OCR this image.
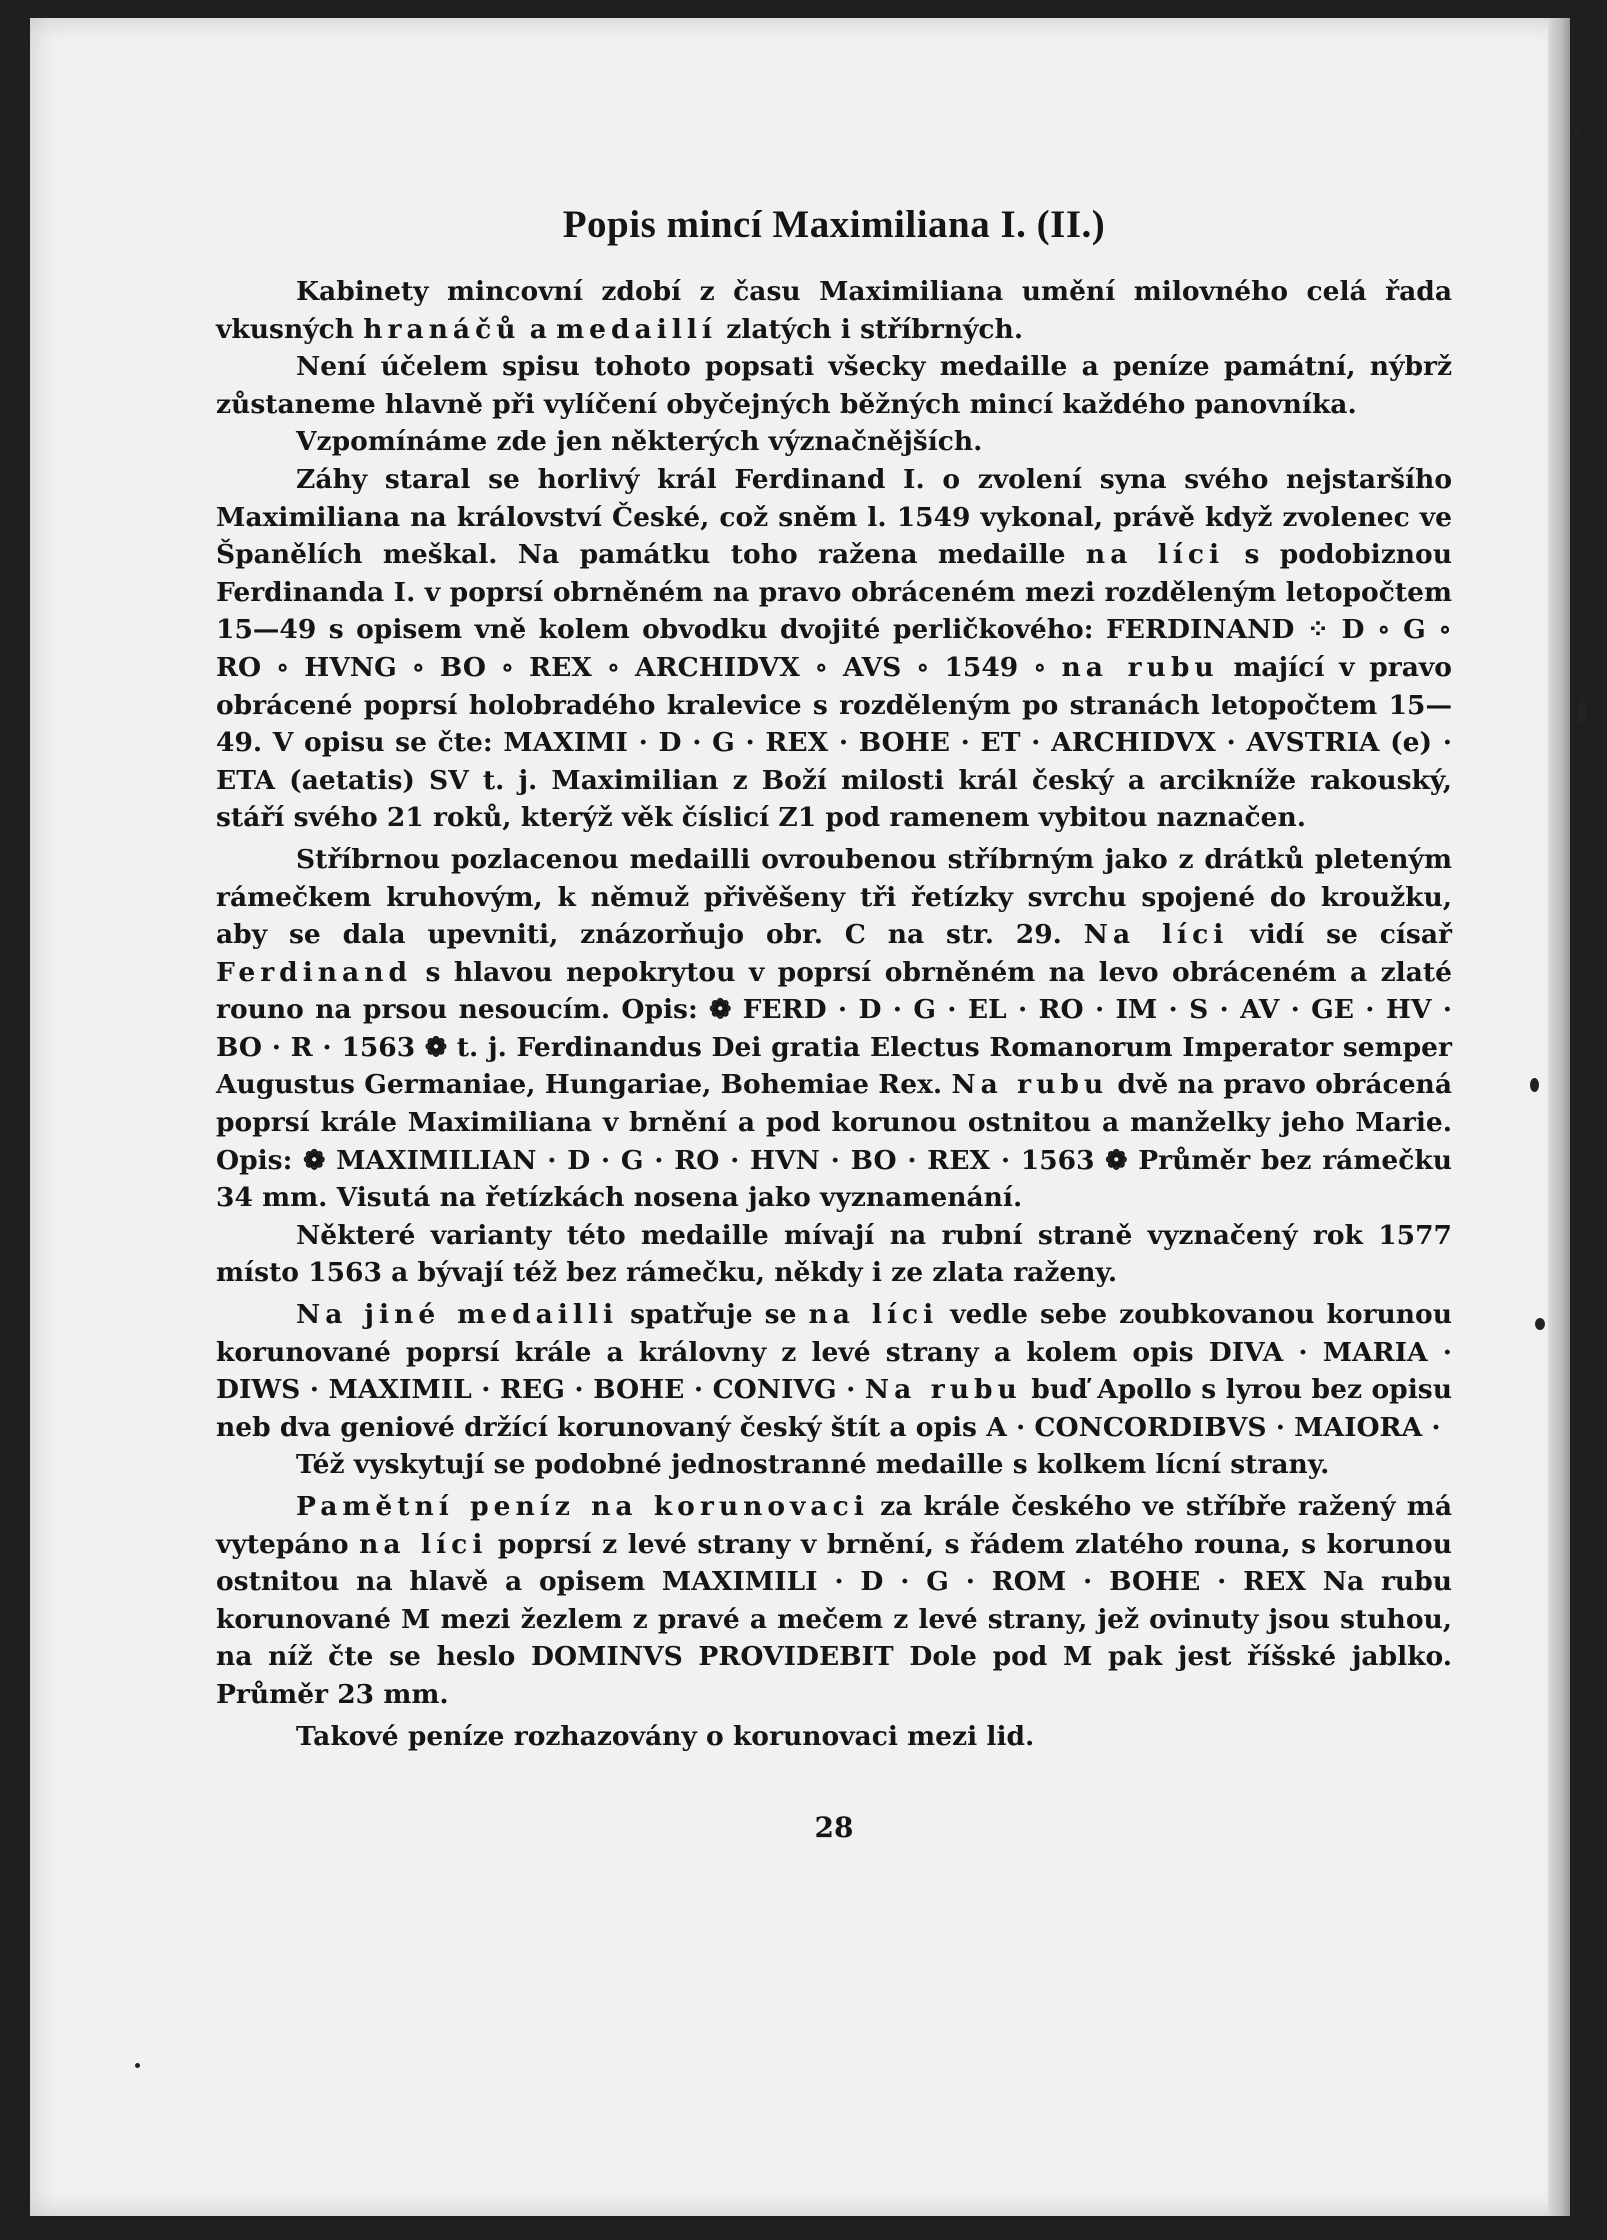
Popis mincí Maximiliana I. (II.)

Kabinety mincovní zdobí z času Maximiliana umění milovného celá řada vkusných hranáčů a medaillí zlatých i stříbrných.

Není účelem spisu tohoto popsati všecky medaille a peníze památní, nýbrž zůstaneme hlavně při vylíčení obyčejných běžných mincí každého panovníka.

Vzpomínáme zde jen některých význačnějších.

Záhy staral se horlivý král Ferdinand I. o zvolení syna svého nejstaršího Maximiliana na království České, což sněm l. 1549 vykonal, právě když zvolenec ve Španělích meškal. Na památku toho ražena medaille na líci s podobiznou Ferdinanda I. v poprsí obrněném na pravo obráceném mezi rozděleným letopočtem 15—49 s opisem vně kolem obvodku dvojité perličkového: FERDINAND ⁘ D ∘ G ∘ RO ∘ HVNG ∘ BO ∘ REX ∘ ARCHIDVX ∘ AVS ∘ 1549 ∘ na rubu mající v pravo obrácené poprsí holobradého kralevice s rozděleným po stranách letopočtem 15—49. V opisu se čte: MAXIMI · D · G · REX · BOHE · ET · ARCHIDVX · AVSTRIA (e) · ETA (aetatis) SV t. j. Maximilian z Boží milosti král český a arcikníže rakouský, stáří svého 21 roků, kterýž věk číslicí Z1 pod ramenem vybitou naznačen.

Stříbrnou pozlacenou medailli ovroubenou stříbrným jako z drátků pleteným rámečkem kruhovým, k němuž přivěšeny tři řetízky svrchu spojené do kroužku, aby se dala upevniti, znázorňujo obr. C na str. 29. Na líci vidí se císař Ferdinand s hlavou nepokrytou v poprsí obrněném na levo obráceném a zlaté rouno na prsou nesoucím. Opis: ❁ FERD · D · G · EL · RO · IM · S · AV · GE · HV · BO · R · 1563 ❁ t. j. Ferdinandus Dei gratia Electus Romanorum Imperator semper Augustus Germaniae, Hungariae, Bohemiae Rex. Na rubu dvě na pravo obrácená poprsí krále Maximiliana v brnění a pod korunou ostnitou a manželky jeho Marie. Opis: ❁ MAXIMILIAN · D · G · RO · HVN · BO · REX · 1563 ❁ Průměr bez rámečku 34 mm. Visutá na řetízkách nosena jako vyznamenání.

Některé varianty této medaille mívají na rubní straně vyznačený rok 1577 místo 1563 a bývají též bez rámečku, někdy i ze zlata raženy.

Na jiné medailli spatřuje se na líci vedle sebe zoubkovanou korunou korunované poprsí krále a královny z levé strany a kolem opis DIVA · MARIA · DIWS · MAXIMIL · REG · BOHE · CONIVG · Na rubu buď Apollo s lyrou bez opisu neb dva geniové držící korunovaný český štít a opis A · CONCORDIBVS · MAIORA ·

Též vyskytují se podobné jednostranné medaille s kolkem lícní strany.

Pamětní peníz na korunovaci za krále českého ve stříbře ražený má vytepáno na líci poprsí z levé strany v brnění, s řádem zlatého rouna, s korunou ostnitou na hlavě a opisem MAXIMILI · D · G · ROM · BOHE · REX Na rubu korunované M mezi žezlem z pravé a mečem z levé strany, jež ovinuty jsou stuhou, na níž čte se heslo DOMINVS PROVIDEBIT Dole pod M pak jest říšské jablko. Průměr 23 mm.

Takové peníze rozhazovány o korunovaci mezi lid.

28
